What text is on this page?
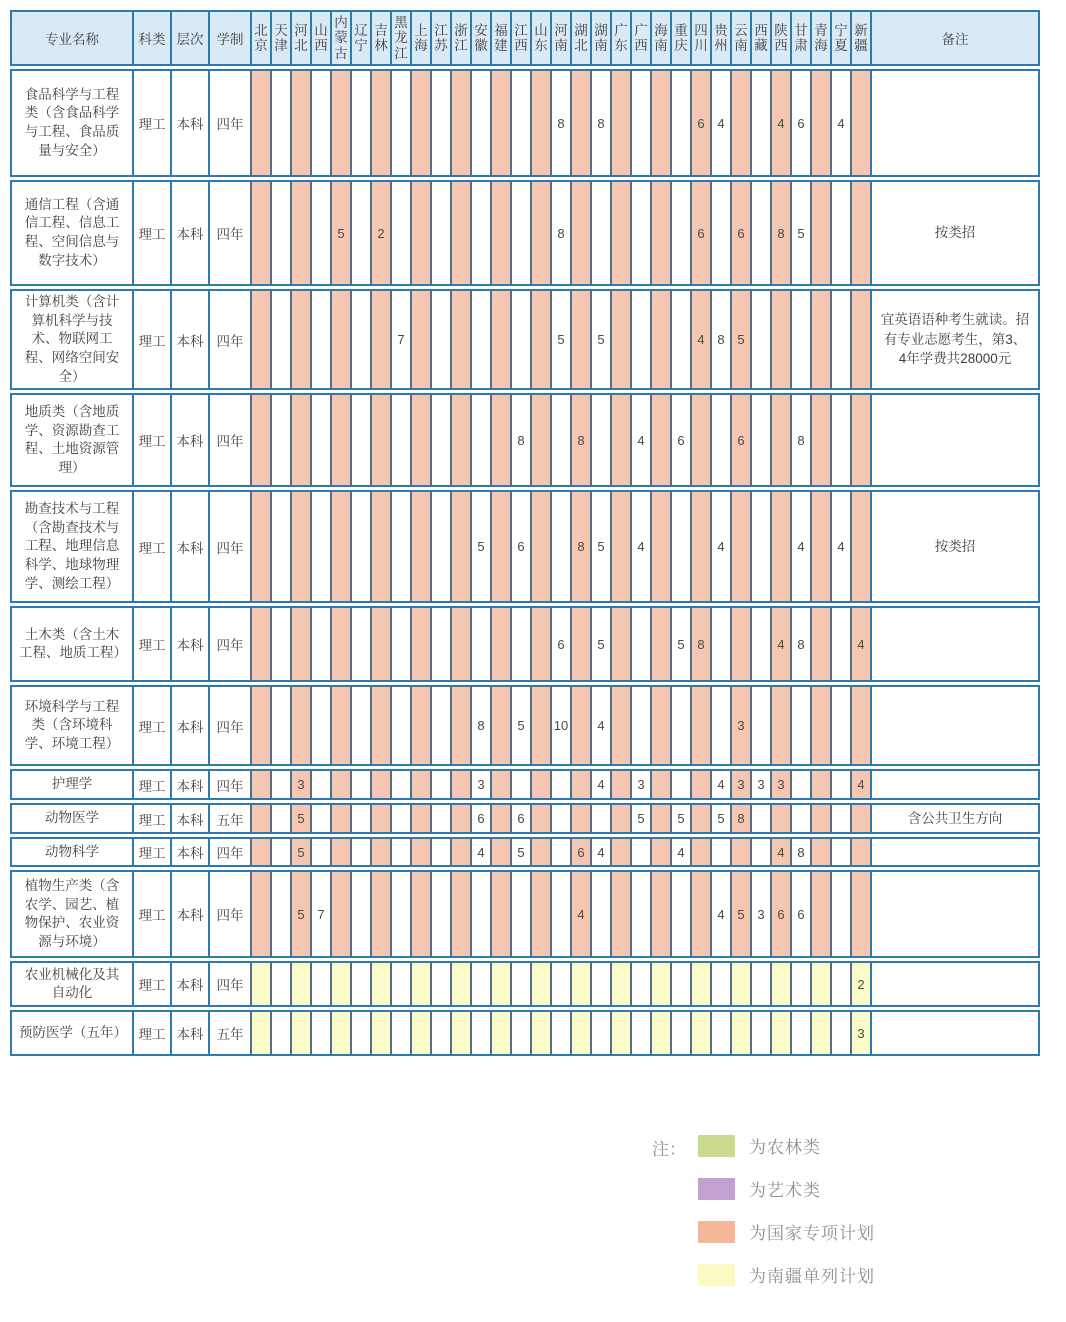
专业名称	科类	层次	学制	北京	天津	河北	山西	内蒙古	辽宁	吉林	黑龙江	上海	江苏	浙江	安徽	福建	江西	山东	河南	湖北	湖南	广东	广西	海南	重庆	四川	贵州	云南	西藏	陕西	甘肃	青海	宁夏	新疆	备注
食品科学与工程类（含食品科学与工程、食品质量与安全）	理工	本科	四年																8		8					6	4			4	6		4		
通信工程（含通信工程、信息工程、空间信息与数字技术）	理工	本科	四年					5		2									8							6		6		8	5				按类招
计算机类（含计算机科学与技术、物联网工程、网络空间安全）	理工	本科	四年								7								5		5					4	8	5							宜英语语种考生就读。招有专业志愿考生，第3、4年学费共28000元
地质类（含地质学、资源勘查工程、土地资源管理）	理工	本科	四年														8			8			4		6			6			8				
勘查技术与工程（含勘查技术与工程、地理信息科学、地球物理学、测绘工程）	理工	本科	四年												5		6			8	5		4				4				4		4		按类招
土木类（含土木工程、地质工程）	理工	本科	四年																6		5				5	8				4	8			4	
环境科学与工程类（含环境科学、环境工程）	理工	本科	四年												8		5		10		4							3							
护理学	理工	本科	四年			3									3						4		3				4	3	3	3				4	
动物医学	理工	本科	五年			5									6		6						5		5		5	8							含公共卫生方向
动物科学	理工	本科	四年			5									4		5			6	4				4					4	8				
植物生产类（含农学、园艺、植物保护、农业资源与环境）	理工	本科	四年			5	7													4							4	5	3	6	6				
农业机械化及其自动化	理工	本科	四年																															2	
预防医学（五年）	理工	本科	五年																															3	
注：	为农林类
为艺术类
为国家专项计划
为南疆单列计划
